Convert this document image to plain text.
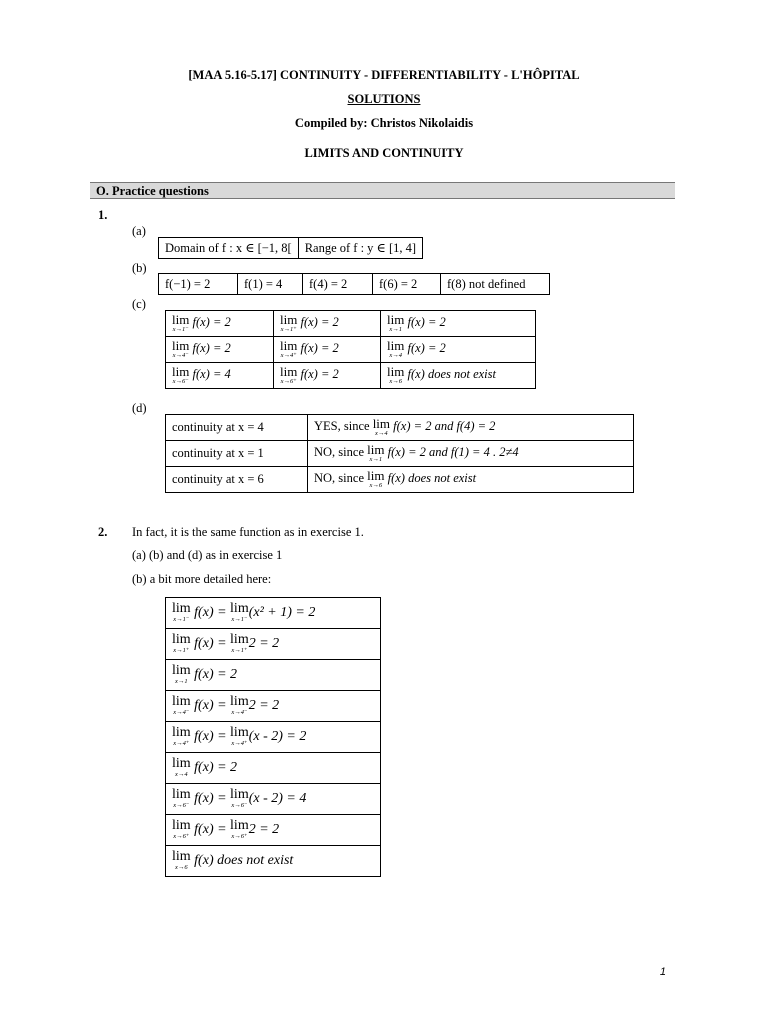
[MAA 5.16-5.17] CONTINUITY - DIFFERENTIABILITY - L'HÔPITAL
SOLUTIONS
Compiled by: Christos Nikolaidis
LIMITS AND CONTINUITY
O. Practice questions
1.
(a)
Domain of f : x ∈ [−1, 8[	Range of f : y ∈ [1, 4]
(b)
f(−1) = 2	f(1) = 4	f(4) = 2	f(6) = 2	f(8) not defined
(c)
lim
x→1⁻
f(x) = 2	lim
x→1⁺
f(x) = 2	lim
x→1
f(x) = 2

lim
x→4⁻
f(x) = 2	lim
x→4⁺
f(x) = 2	lim
x→4
f(x) = 2

lim
x→6⁻
f(x) = 4	lim
x→6⁺
f(x) = 2	lim
x→6
f(x) does not exist
(d)
continuity at x = 4	YES, since lim
x→4
f(x) = 2 and f(4) = 2
continuity at x = 1	NO, since lim
x→1
f(x) = 2 and f(1) = 4 . 2≠4
continuity at x = 6	NO, since lim
x→6
f(x) does not exist
2. In fact, it is the same function as in exercise 1.
(a) (b) and (d) as in exercise 1
(b) a bit more detailed here:
lim
x→1⁻ f(x) = lim
x→1⁻ (x² + 1) = 2

lim
x→1⁺ f(x) = lim
x→1⁺ 2 = 2

lim
x→1 f(x) = 2

lim
x→4⁻ f(x) = lim
x→4⁻ 2 = 2

lim
x→4⁺ f(x) = lim
x→4⁺ (x - 2) = 2

lim
x→4 f(x) = 2

lim
x→6⁻ f(x) = lim
x→6⁻ (x - 2) = 4

lim
x→6⁺ f(x) = lim
x→6⁺ 2 = 2

lim
x→6 f(x) does not exist
1
